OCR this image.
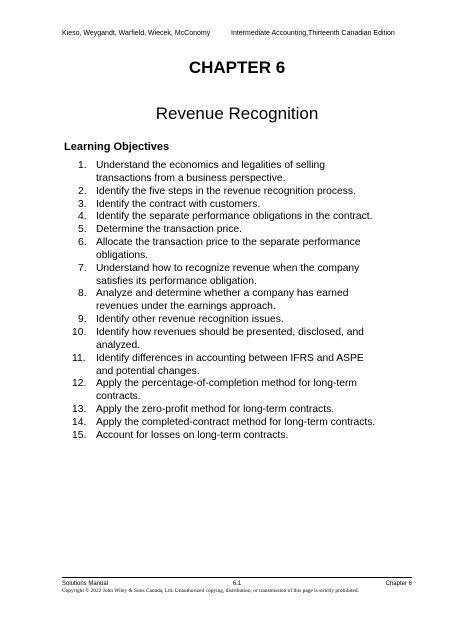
Kieso, Weygandt, Warfield, Wiecek, McConomy	Intermediate Accounting,Thirteenth Canadian Edition
CHAPTER 6
Revenue Recognition
Learning Objectives
1. Understand the economics and legalities of selling
transactions from a business perspective.
2. Identify the five steps in the revenue recognition process.
3. Identify the contract with customers.
4. Identify the separate performance obligations in the contract.
5. Determine the transaction price.
6. Allocate the transaction price to the separate performance
obligations.
7. Understand how to recognize revenue when the company
satisfies its performance obligation.
8. Analyze and determine whether a company has earned
revenues under the earnings approach.
9. Identify other revenue recognition issues.
10. Identify how revenues should be presented, disclosed, and
analyzed.
11. Identify differences in accounting between IFRS and ASPE
and potential changes.
12. Apply the percentage-of-completion method for long-term
contracts.
13. Apply the zero-profit method for long-term contracts.
14. Apply the completed-contract method for long-term contracts.
15. Account for losses on long-term contracts.
Solutions Manual	6.1	Chapter 6
Copyright © 2022 John Wiley & Sons Canada, Ltd. Unauthorized copying, distribution, or transmission of this page is strictly prohibited.
